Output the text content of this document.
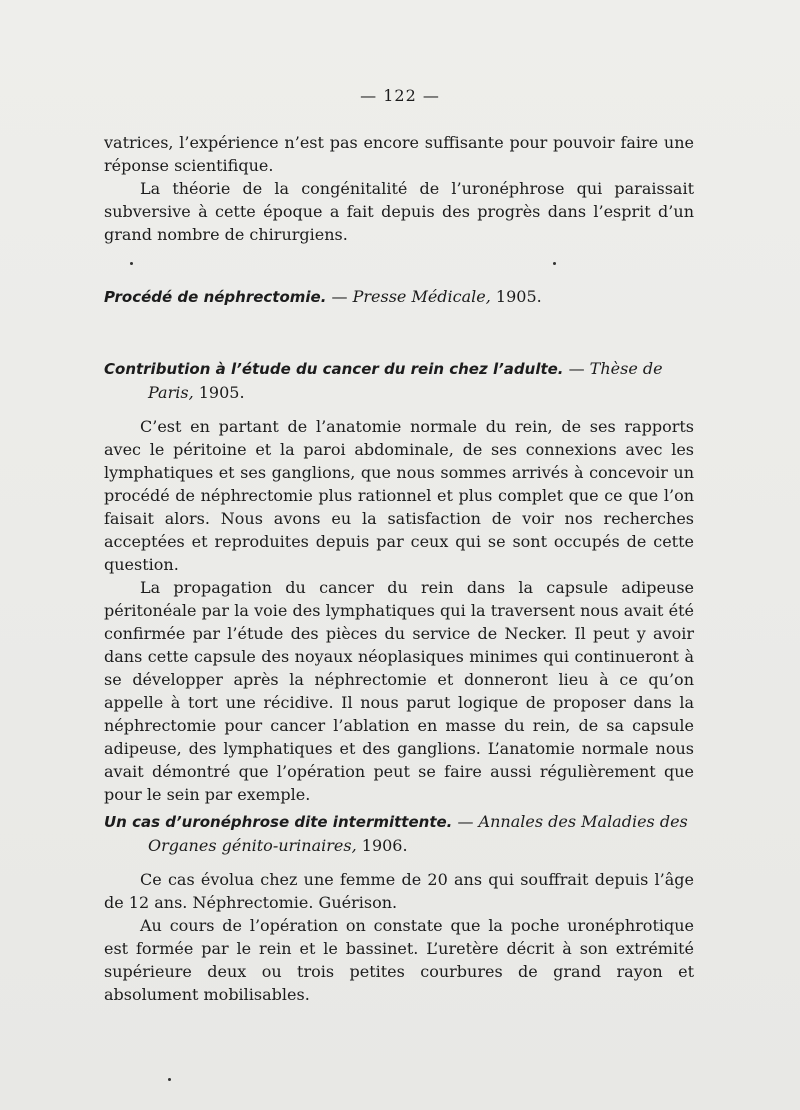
— 122 —

vatrices, l’expérience n’est pas encore suffisante pour pouvoir faire une réponse scientifique.

La théorie de la congénitalité de l’uronéphrose qui paraissait subversive à cette époque a fait depuis des progrès dans l’esprit d’un grand nombre de chirurgiens.

Procédé de néphrectomie. — Presse Médicale, 1905.
Contribution à l’étude du cancer du rein chez l’adulte. — Thèse de
Paris, 1905.

C’est en partant de l’anatomie normale du rein, de ses rapports avec le péritoine et la paroi abdominale, de ses connexions avec les lymphatiques et ses ganglions, que nous sommes arrivés à concevoir un procédé de néphrectomie plus rationnel et plus complet que ce que l’on faisait alors. Nous avons eu la satisfaction de voir nos recherches acceptées et reproduites depuis par ceux qui se sont occupés de cette question.

La propagation du cancer du rein dans la capsule adipeuse péritonéale par la voie des lymphatiques qui la traversent nous avait été confirmée par l’étude des pièces du service de Necker. Il peut y avoir dans cette capsule des noyaux néoplasiques minimes qui continueront à se développer après la néphrectomie et donneront lieu à ce qu’on appelle à tort une récidive. Il nous parut logique de proposer dans la néphrectomie pour cancer l’ablation en masse du rein, de sa capsule adipeuse, des lymphatiques et des ganglions. L’anatomie normale nous avait démontré que l’opération peut se faire aussi régulièrement que pour le sein par exemple.

Un cas d’uronéphrose dite intermittente. — Annales des Maladies des
Organes génito-urinaires, 1906.

Ce cas évolua chez une femme de 20 ans qui souffrait depuis l’âge de 12 ans. Néphrectomie. Guérison.

Au cours de l’opération on constate que la poche uronéphrotique est formée par le rein et le bassinet. L’uretère décrit à son extrémité supérieure deux ou trois petites courbures de grand rayon et absolument mobilisables.
